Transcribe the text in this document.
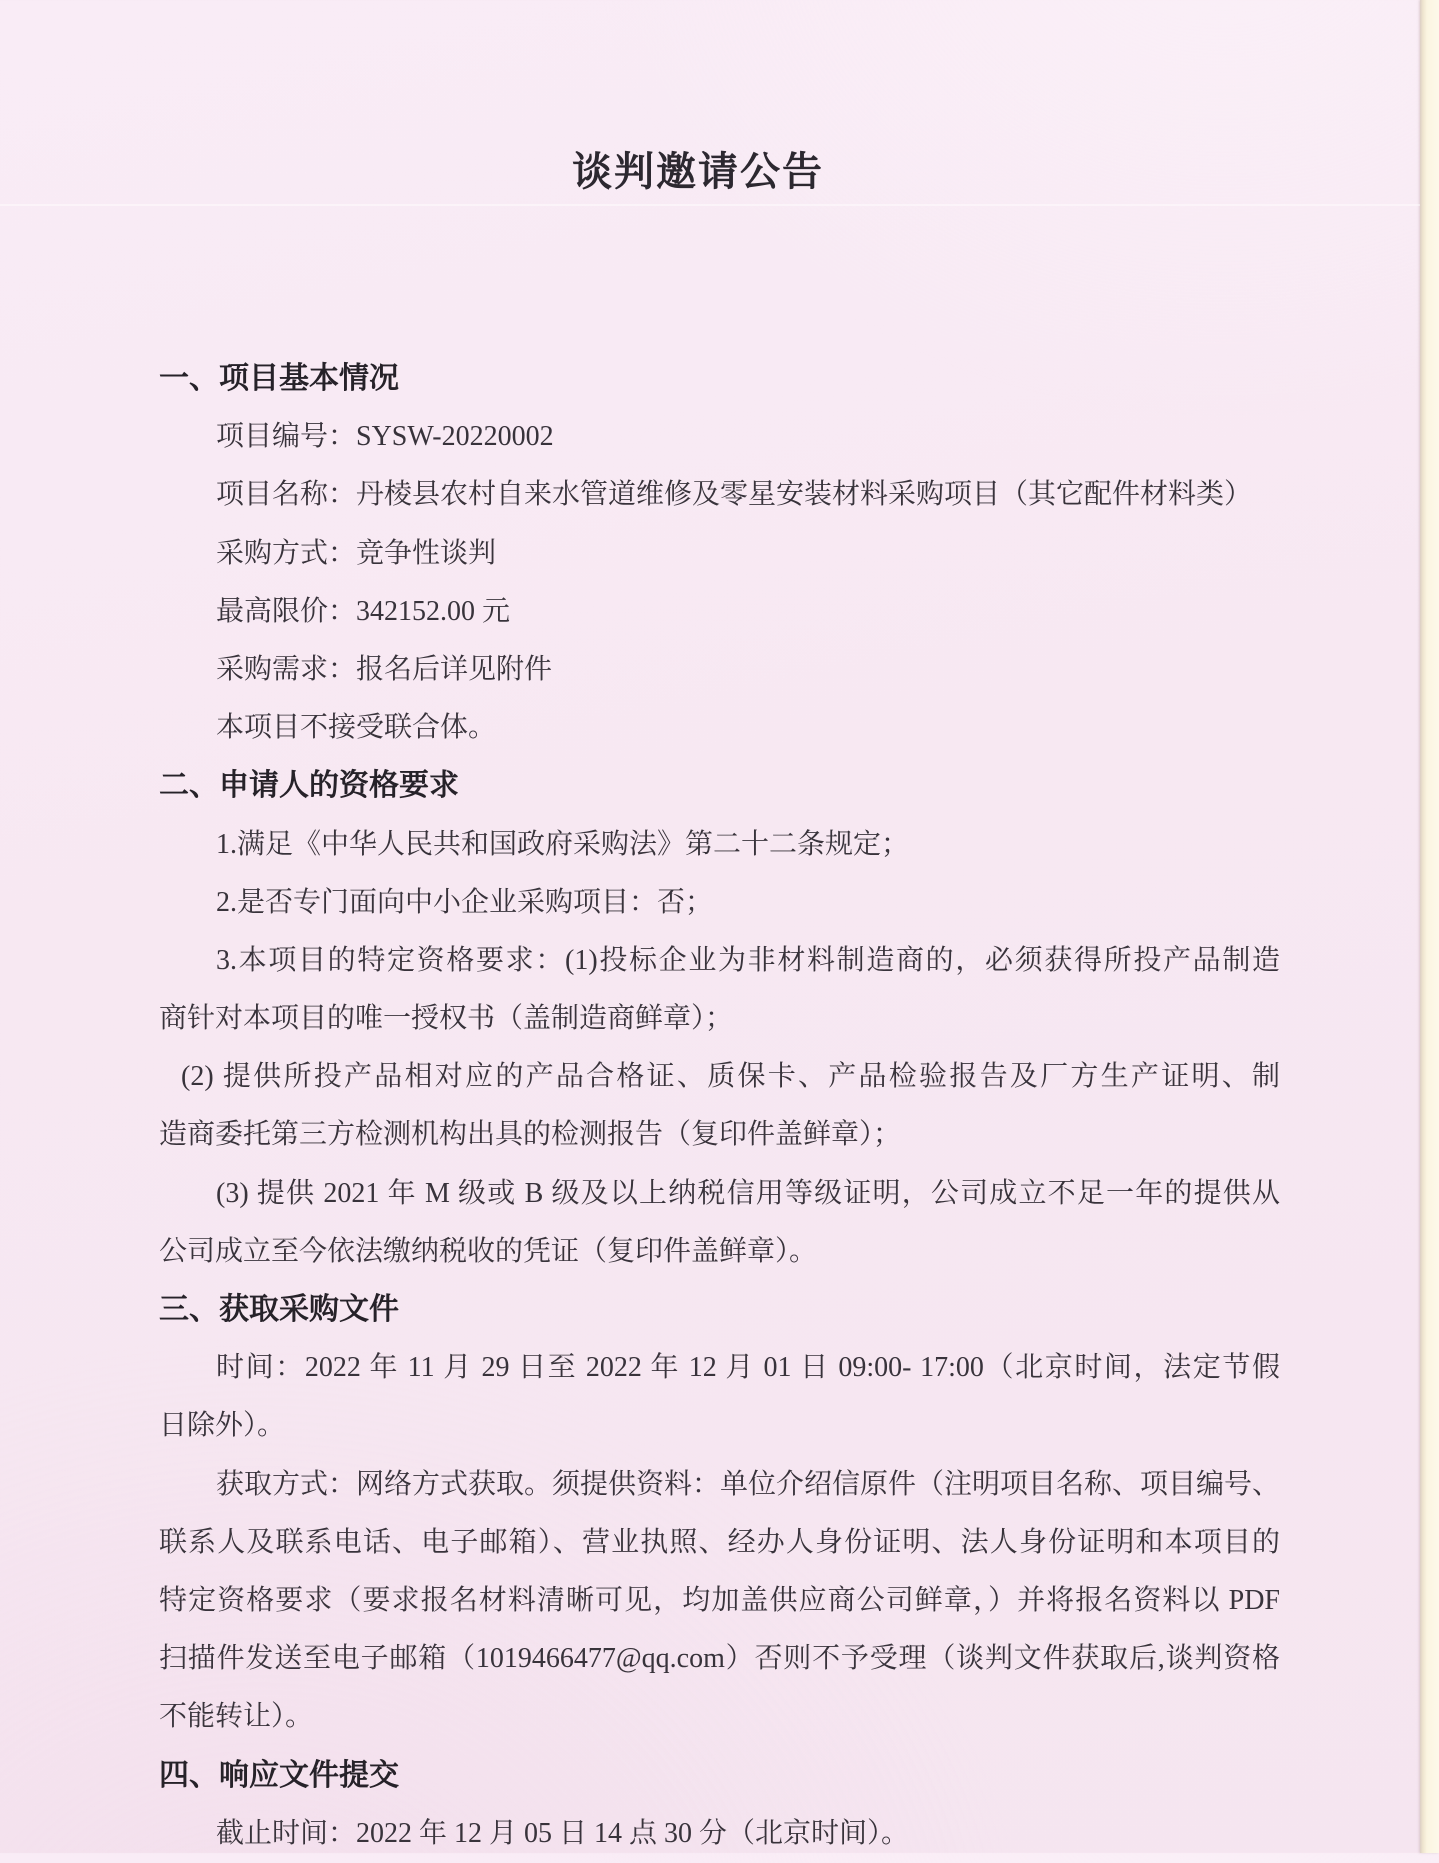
谈判邀请公告
一、项目基本情况
项目编号：SYSW-20220002
项目名称：丹棱县农村自来水管道维修及零星安装材料采购项目（其它配件材料类）
采购方式：竞争性谈判
最高限价：342152.00 元
采购需求：报名后详见附件
本项目不接受联合体。
二、申请人的资格要求
1.满足《中华人民共和国政府采购法》第二十二条规定；
2.是否专门面向中小企业采购项目：否；
3.本项目的特定资格要求：(1)投标企业为非材料制造商的，必须获得所投产品制造
商针对本项目的唯一授权书（盖制造商鲜章）；
(2) 提供所投产品相对应的产品合格证、质保卡、产品检验报告及厂方生产证明、制
造商委托第三方检测机构出具的检测报告（复印件盖鲜章）；
(3) 提供 2021 年 M 级或 B 级及以上纳税信用等级证明，公司成立不足一年的提供从
公司成立至今依法缴纳税收的凭证（复印件盖鲜章）。
三、获取采购文件
时间：2022 年 11 月 29 日至 2022 年 12 月 01 日 09:00- 17:00（北京时间，法定节假
日除外）。
获取方式：网络方式获取。须提供资料：单位介绍信原件（注明项目名称、项目编号、
联系人及联系电话、电子邮箱）、营业执照、经办人身份证明、法人身份证明和本项目的
特定资格要求（要求报名材料清晰可见，均加盖供应商公司鲜章，）并将报名资料以 PDF
扫描件发送至电子邮箱（1019466477@qq.com）否则不予受理（谈判文件获取后,谈判资格
不能转让）。
四、响应文件提交
截止时间：2022 年 12 月 05 日 14 点 30 分（北京时间）。
